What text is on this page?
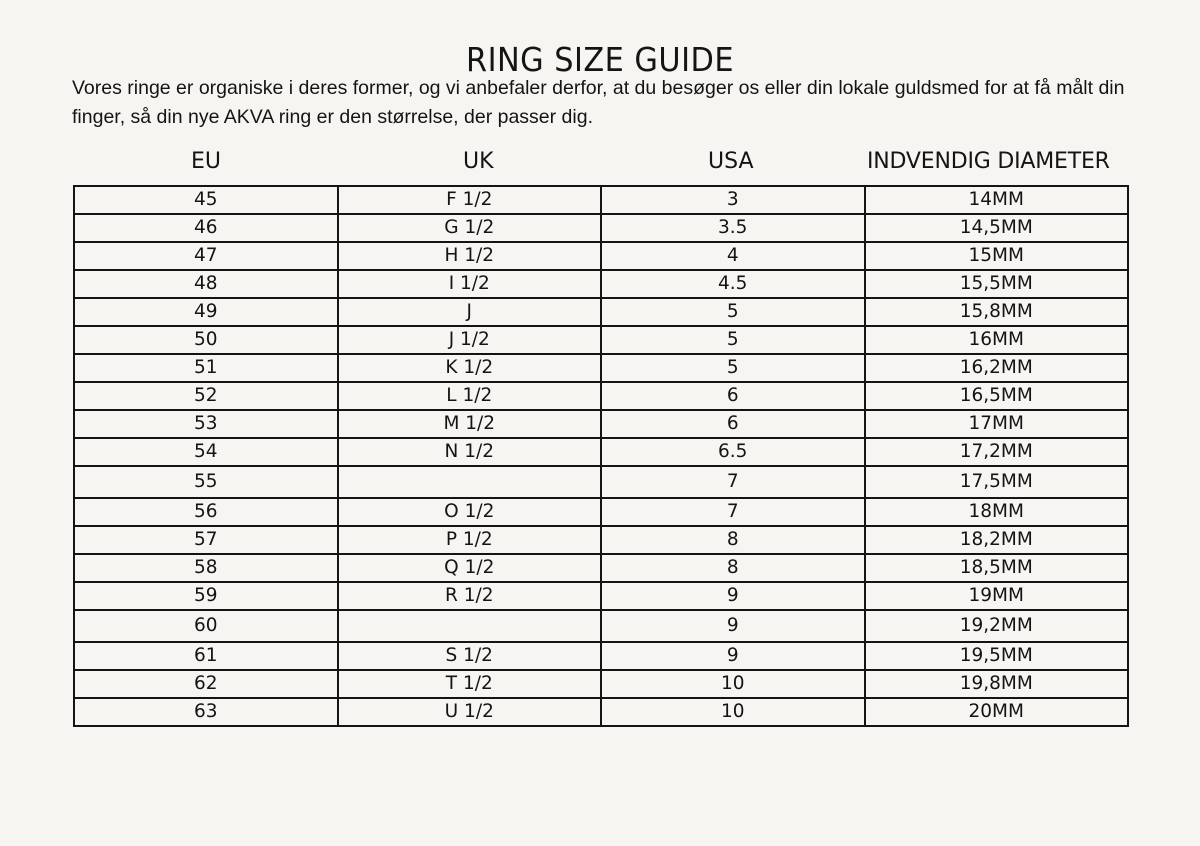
RING SIZE GUIDE

Vores ringe er organiske i deres former, og vi anbefaler derfor, at du besøger os eller din lokale guldsmed for at få målt din finger, så din nye AKVA ring er den størrelse, der passer dig.

EU	UK	USA	INDVENDIG DIAMETER
45	F 1/2	3	14MM
46	G 1/2	3.5	14,5MM
47	H 1/2	4	15MM
48	I 1/2	4.5	15,5MM
49	J	5	15,8MM
50	J 1/2	5	16MM
51	K 1/2	5	16,2MM
52	L 1/2	6	16,5MM
53	M 1/2	6	17MM
54	N 1/2	6.5	17,2MM
55		7	17,5MM
56	O 1/2	7	18MM
57	P 1/2	8	18,2MM
58	Q 1/2	8	18,5MM
59	R 1/2	9	19MM
60		9	19,2MM
61	S 1/2	9	19,5MM
62	T 1/2	10	19,8MM
63	U 1/2	10	20MM
